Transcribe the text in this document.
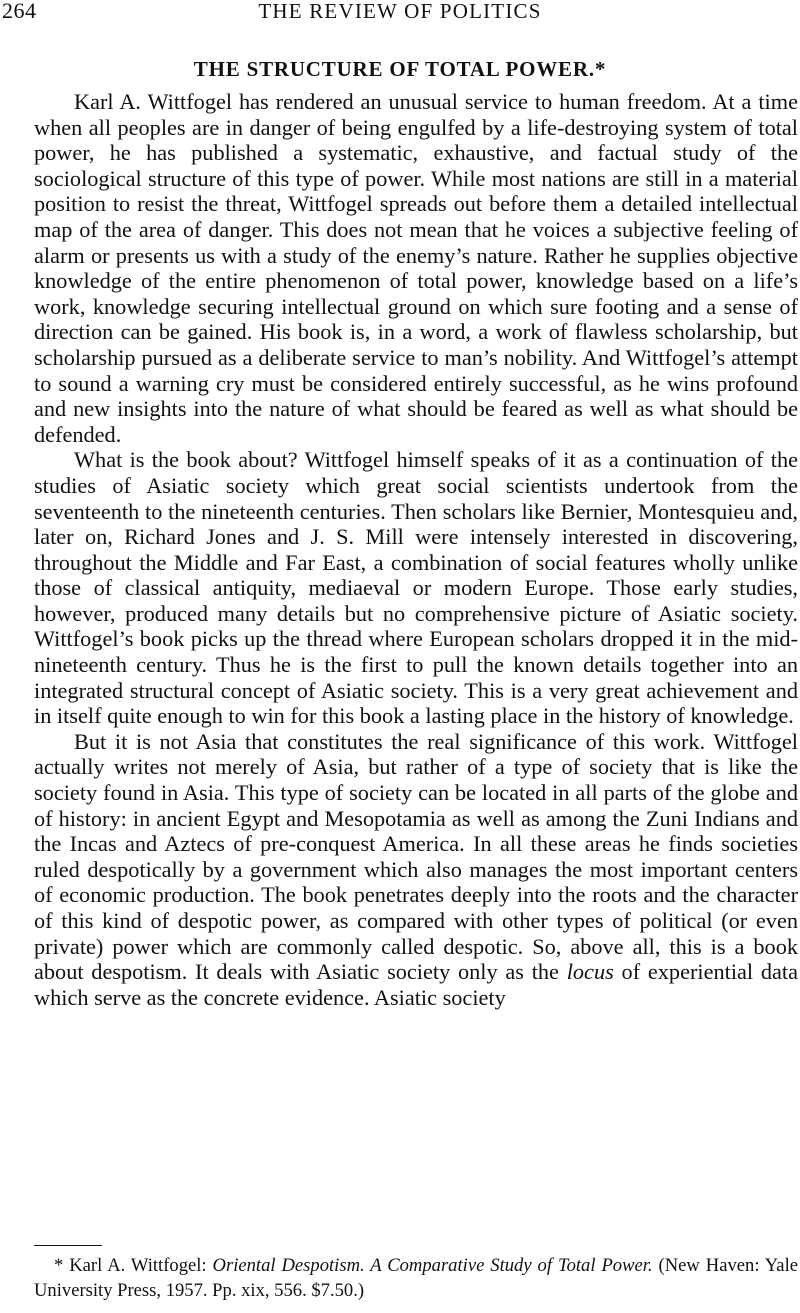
264	THE REVIEW OF POLITICS
THE STRUCTURE OF TOTAL POWER.*

Karl A. Wittfogel has rendered an unusual service to human freedom. At a time when all peoples are in danger of being engulfed by a life-destroying system of total power, he has published a systematic, exhaustive, and factual study of the sociological structure of this type of power. While most nations are still in a material position to resist the threat, Wittfogel spreads out before them a detailed intellectual map of the area of danger. This does not mean that he voices a subjective feeling of alarm or presents us with a study of the enemy’s nature. Rather he supplies objective knowledge of the entire phenomenon of total power, knowledge based on a life’s work, knowledge securing intellectual ground on which sure footing and a sense of direction can be gained. His book is, in a word, a work of flawless scholarship, but scholarship pursued as a deliberate service to man’s nobility. And Wittfogel’s attempt to sound a warning cry must be considered entirely successful, as he wins profound and new insights into the nature of what should be feared as well as what should be defended.

What is the book about? Wittfogel himself speaks of it as a continuation of the studies of Asiatic society which great social scientists undertook from the seventeenth to the nineteenth centuries. Then scholars like Bernier, Montesquieu and, later on, Richard Jones and J. S. Mill were intensely interested in discovering, throughout the Middle and Far East, a combination of social features wholly unlike those of classical antiquity, mediaeval or modern Europe. Those early studies, however, produced many details but no comprehensive picture of Asiatic society. Wittfogel’s book picks up the thread where European scholars dropped it in the mid-nineteenth century. Thus he is the first to pull the known details together into an integrated structural concept of Asiatic society. This is a very great achievement and in itself quite enough to win for this book a lasting place in the history of knowledge.

But it is not Asia that constitutes the real significance of this work. Wittfogel actually writes not merely of Asia, but rather of a type of society that is like the society found in Asia. This type of society can be located in all parts of the globe and of history: in ancient Egypt and Mesopotamia as well as among the Zuni Indians and the Incas and Aztecs of pre-conquest America. In all these areas he finds societies ruled despotically by a government which also manages the most important centers of economic production. The book penetrates deeply into the roots and the character of this kind of despotic power, as compared with other types of political (or even private) power which are commonly called despotic. So, above all, this is a book about despotism. It deals with Asiatic society only as the locus of experiential data which serve as the concrete evidence. Asiatic society

* Karl A. Wittfogel: Oriental Despotism. A Comparative Study of Total Power. (New Haven: Yale University Press, 1957. Pp. xix, 556. $7.50.)
